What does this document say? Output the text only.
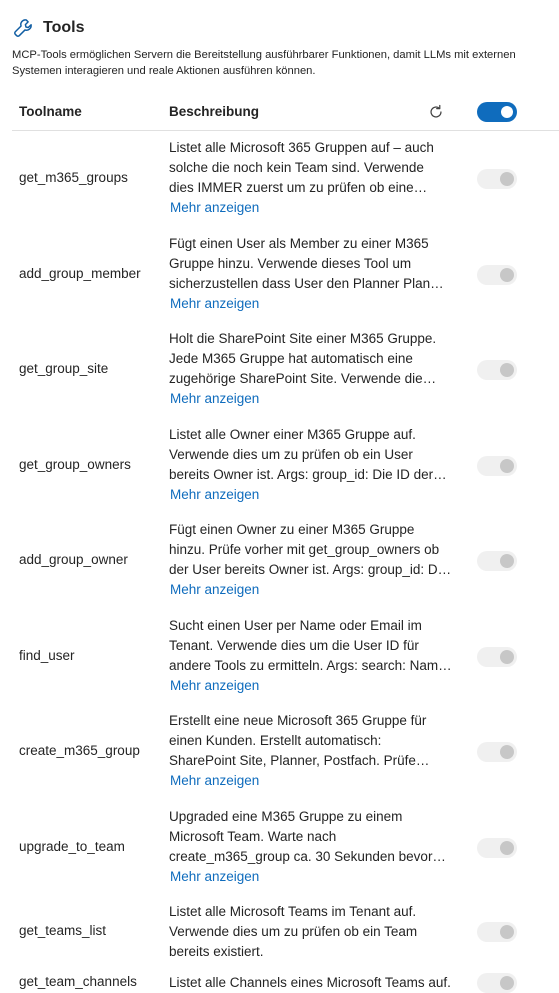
Tools
MCP-Tools ermöglichen Servern die Bereitstellung ausführbarer Funktionen, damit LLMs mit externen Systemen interagieren und reale Aktionen ausführen können.
Toolname	Beschreibung
get_m365_groups
Listet alle Microsoft 365 Gruppen auf – auch
solche die noch kein Team sind. Verwende
dies IMMER zuerst um zu prüfen ob eine…
Mehr anzeigen
add_group_member
Fügt einen User als Member zu einer M365
Gruppe hinzu. Verwende dieses Tool um
sicherzustellen dass User den Planner Plan…
Mehr anzeigen
get_group_site
Holt die SharePoint Site einer M365 Gruppe.
Jede M365 Gruppe hat automatisch eine
zugehörige SharePoint Site. Verwende die…
Mehr anzeigen
get_group_owners
Listet alle Owner einer M365 Gruppe auf.
Verwende dies um zu prüfen ob ein User
bereits Owner ist. Args: group_id: Die ID der…
Mehr anzeigen
add_group_owner
Fügt einen Owner zu einer M365 Gruppe
hinzu. Prüfe vorher mit get_group_owners ob
der User bereits Owner ist. Args: group_id: D…
Mehr anzeigen
find_user
Sucht einen User per Name oder Email im
Tenant. Verwende dies um die User ID für
andere Tools zu ermitteln. Args: search: Nam…
Mehr anzeigen
create_m365_group
Erstellt eine neue Microsoft 365 Gruppe für
einen Kunden. Erstellt automatisch:
SharePoint Site, Planner, Postfach. Prüfe…
Mehr anzeigen
upgrade_to_team
Upgraded eine M365 Gruppe zu einem
Microsoft Team. Warte nach
create_m365_group ca. 30 Sekunden bevor…
Mehr anzeigen
get_teams_list
Listet alle Microsoft Teams im Tenant auf.
Verwende dies um zu prüfen ob ein Team
bereits existiert.
get_team_channels Listet alle Channels eines Microsoft Teams auf.
